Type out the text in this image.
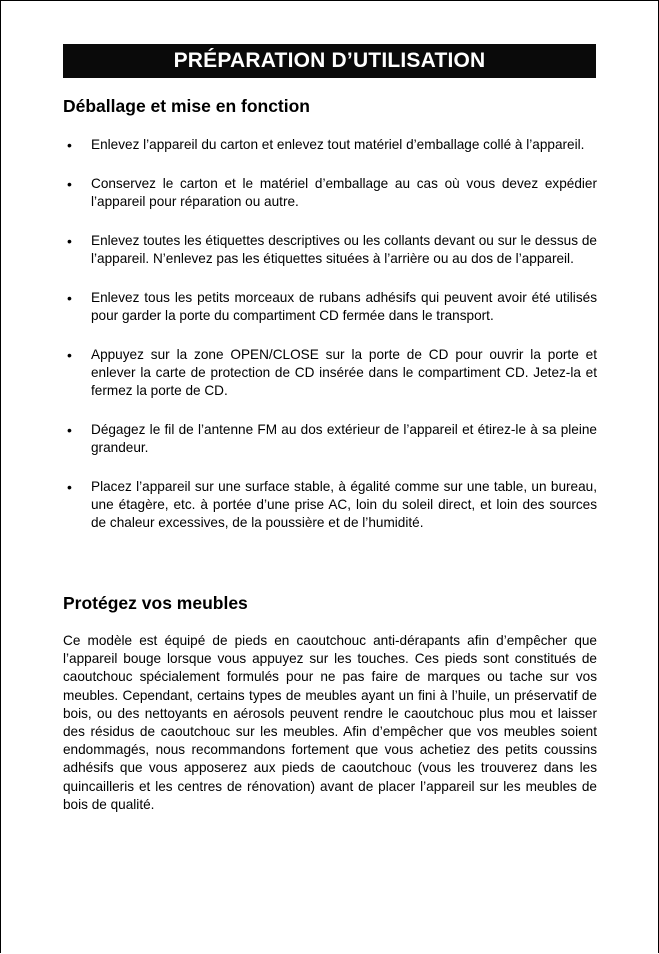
PRÉPARATION D’UTILISATION
Déballage et mise en fonction
• Enlevez l’appareil du carton et enlevez tout matériel d’emballage collé à l’appareil.
• Conservez le carton et le matériel d’emballage au cas où vous devez expédier l’appareil pour réparation ou autre.
• Enlevez toutes les étiquettes descriptives ou les collants devant ou sur le dessus de l’appareil. N’enlevez pas les étiquettes situées à l’arrière ou au dos de l’appareil.
• Enlevez tous les petits morceaux de rubans adhésifs qui peuvent avoir été utilisés pour garder la porte du compartiment CD fermée dans le transport.
• Appuyez sur la zone OPEN/CLOSE sur la porte de CD pour ouvrir la porte et enlever la carte de protection de CD insérée dans le compartiment CD. Jetez-la et fermez la porte de CD.
• Dégagez le fil de l’antenne FM au dos extérieur de l’appareil et étirez-le à sa pleine grandeur.
• Placez l’appareil sur une surface stable, à égalité comme sur une table, un bureau, une étagère, etc. à portée d’une prise AC, loin du soleil direct, et loin des sources de chaleur excessives, de la poussière et de l’humidité.
Protégez vos meubles

Ce modèle est équipé de pieds en caoutchouc anti-dérapants afin d’empêcher que l’appareil bouge lorsque vous appuyez sur les touches. Ces pieds sont constitués de caoutchouc spécialement formulés pour ne pas faire de marques ou tache sur vos meubles. Cependant, certains types de meubles ayant un fini à l’huile, un préservatif de bois, ou des nettoyants en aérosols peuvent rendre le caoutchouc plus mou et laisser des résidus de caoutchouc sur les meubles. Afin d’empêcher que vos meubles soient endommagés, nous recommandons fortement que vous achetiez des petits coussins adhésifs que vous apposerez aux pieds de caoutchouc (vous les trouverez dans les quincailleris et les centres de rénovation) avant de placer l’appareil sur les meubles de bois de qualité.
